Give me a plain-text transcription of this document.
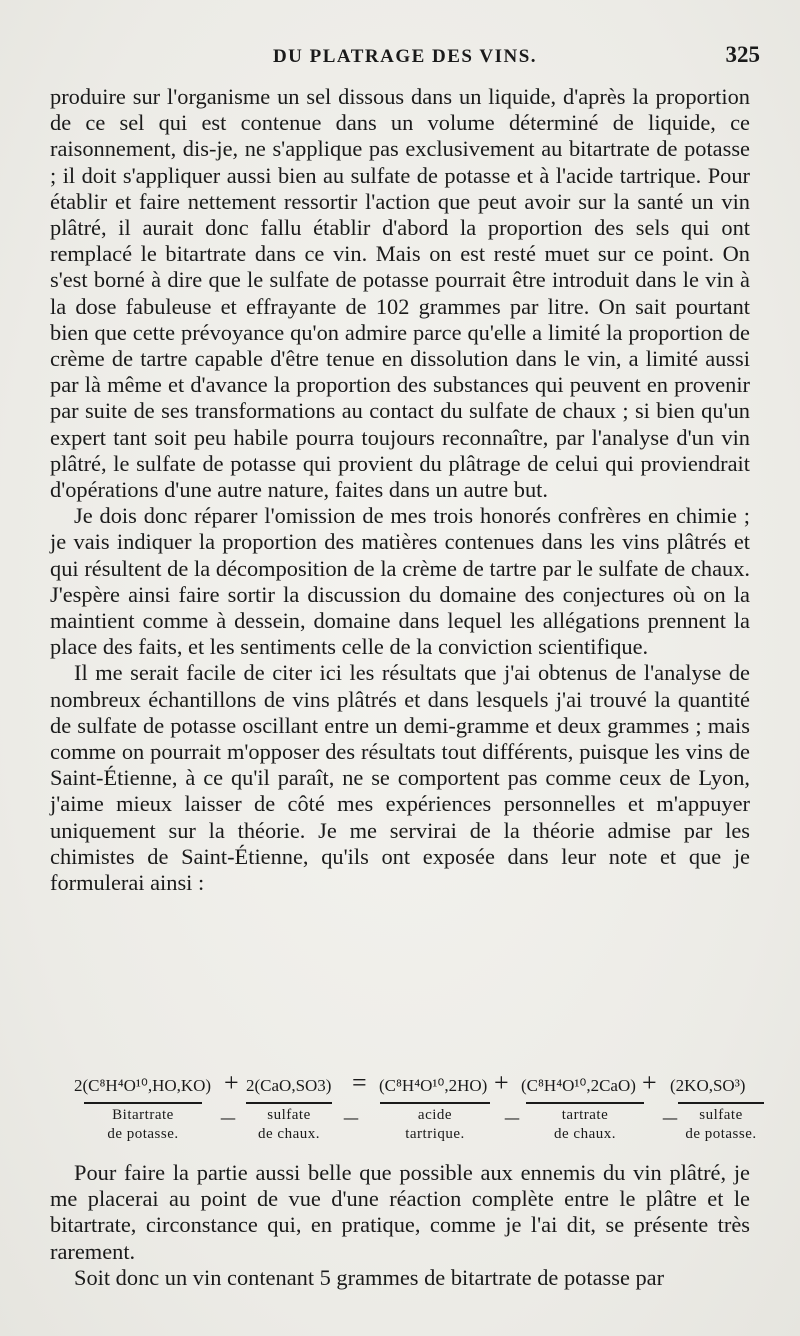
DU PLATRAGE DES VINS.	325

produire sur l'organisme un sel dissous dans un liquide, d'après la proportion de ce sel qui est contenue dans un volume déterminé de liquide, ce raisonnement, dis-je, ne s'applique pas exclusivement au bitartrate de potasse ; il doit s'appliquer aussi bien au sulfate de potasse et à l'acide tartrique. Pour établir et faire nettement ressortir l'action que peut avoir sur la santé un vin plâtré, il aurait donc fallu établir d'abord la proportion des sels qui ont remplacé le bitartrate dans ce vin. Mais on est resté muet sur ce point. On s'est borné à dire que le sulfate de potasse pourrait être introduit dans le vin à la dose fabuleuse et effrayante de 102 grammes par litre. On sait pourtant bien que cette prévoyance qu'on admire parce qu'elle a limité la proportion de crème de tartre capable d'être tenue en dissolution dans le vin, a limité aussi par là même et d'avance la proportion des substances qui peuvent en provenir par suite de ses transformations au contact du sulfate de chaux ; si bien qu'un expert tant soit peu habile pourra toujours reconnaître, par l'analyse d'un vin plâtré, le sulfate de potasse qui provient du plâtrage de celui qui proviendrait d'opérations d'une autre nature, faites dans un autre but.

Je dois donc réparer l'omission de mes trois honorés confrères en chimie ; je vais indiquer la proportion des matières contenues dans les vins plâtrés et qui résultent de la décomposition de la crème de tartre par le sulfate de chaux. J'espère ainsi faire sortir la discussion du domaine des conjectures où on la maintient comme à dessein, domaine dans lequel les allégations prennent la place des faits, et les sentiments celle de la conviction scientifique.

Il me serait facile de citer ici les résultats que j'ai obtenus de l'analyse de nombreux échantillons de vins plâtrés et dans lesquels j'ai trouvé la quantité de sulfate de potasse oscillant entre un demi-gramme et deux grammes ; mais comme on pourrait m'opposer des résultats tout différents, puisque les vins de Saint-Étienne, à ce qu'il paraît, ne se comportent pas comme ceux de Lyon, j'aime mieux laisser de côté mes expériences personnelles et m'appuyer uniquement sur la théorie. Je me servirai de la théorie admise par les chimistes de Saint-Étienne, qu'ils ont exposée dans leur note et que je formulerai ainsi :

2(C⁸H⁴O¹⁰,HO,KO) + 2(CaO,SO3) = (C⁸H⁴O¹⁰,2HO) + (C⁸H⁴O¹⁰,2CaO) + (2KO,SO³)
Bitartrate
de potasse.
—	sulfate
de chaux.
—	acide
tartrique.
—	tartrate
de chaux.
—	sulfate
de potasse.

Pour faire la partie aussi belle que possible aux ennemis du vin plâtré, je me placerai au point de vue d'une réaction complète entre le plâtre et le bitartrate, circonstance qui, en pratique, comme je l'ai dit, se présente très rarement.

Soit donc un vin contenant 5 grammes de bitartrate de potasse par
